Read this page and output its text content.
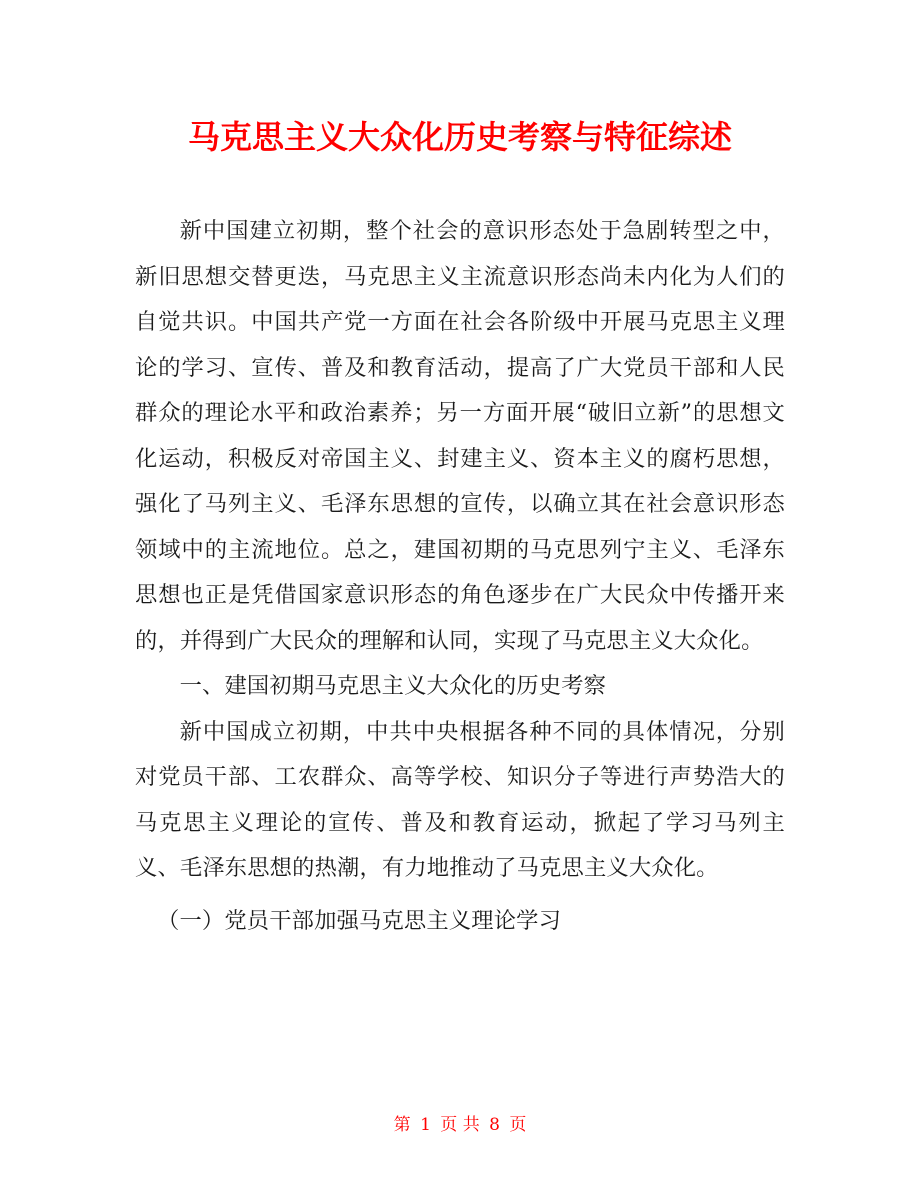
马克思主义大众化历史考察与特征综述

新中国建立初期，整个社会的意识形态处于急剧转型之中，新旧思想交替更迭，马克思主义主流意识形态尚未内化为人们的自觉共识。中国共产党一方面在社会各阶级中开展马克思主义理论的学习、宣传、普及和教育活动，提高了广大党员干部和人民群众的理论水平和政治素养；另一方面开展“破旧立新”的思想文化运动，积极反对帝国主义、封建主义、资本主义的腐朽思想，强化了马列主义、毛泽东思想的宣传，以确立其在社会意识形态领域中的主流地位。总之，建国初期的马克思列宁主义、毛泽东思想也正是凭借国家意识形态的角色逐步在广大民众中传播开来的，并得到广大民众的理解和认同，实现了马克思主义大众化。

一、建国初期马克思主义大众化的历史考察

新中国成立初期，中共中央根据各种不同的具体情况，分别对党员干部、工农群众、高等学校、知识分子等进行声势浩大的马克思主义理论的宣传、普及和教育运动，掀起了学习马列主义、毛泽东思想的热潮，有力地推动了马克思主义大众化。

（一）党员干部加强马克思主义理论学习

第 1 页 共 8 页
